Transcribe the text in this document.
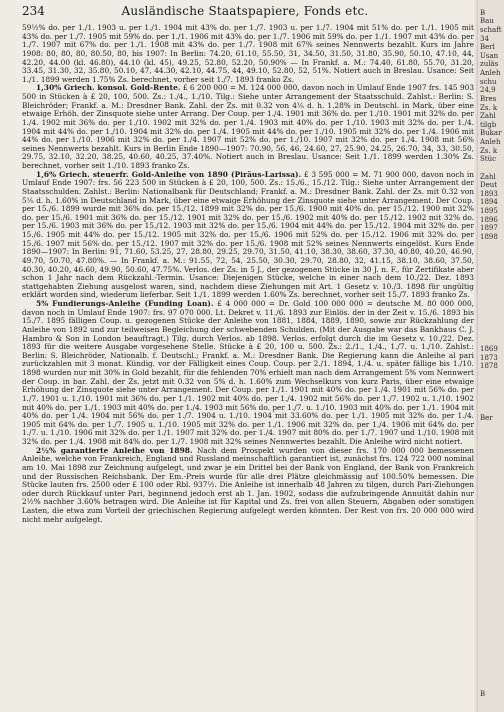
234	Ausländische Staatspapiere, Fonds etc.

59½% do. per 1./1. 1903 u. per 1./1. 1904 mit 43% do. per 1./7. 1903 u. per 1./7. 1904 mit 51% do. per 1./1. 1905 mit 43% do. per 1./7. 1905 mit 59% do. per 1./1. 1906 mit 43% do. per 1./7. 1906 mit 59% do. per 1./1. 1907 mit 43% do. per 1./7. 1907 mit 67% do. per 1./1. 1908 mit 43% do. per 1./7. 1908 mit 67% seines Nennwerts bezahlt. Kurs im Jahre 1908: 80, 80, 80, 80.50, 80, bis 1907: In Berlin: 74.20, 61.10, 55.50, 31, 34.50, 31.50, 31.80, 35.90, 50.10, 47.10, 44, 42.20, 44.00 (kl. 46.80), 44.10 (kl. 45), 49.25, 52.80, 52.20, 50.90% — In Frankf. a. M.: 74.40, 61.80, 55.70, 31.20, 33.45, 31.30, 32, 35.80, 50.10, 47, 44.30, 42.10, 44.75, 44, 49.10, 52.80, 52, 51%. Notiert auch in Breslau. Usance: Seit 1./1. 1899 werden 1.75% Zs. berechnet, vorher seit 1./7. 1893 franko Zs.

1,30% Griech. konsol. Gold-Rente. £ 6 200 000 = M. 124 000 000, davon noch in Umlauf Ende 1907 frs. 145 903 500 in Stücken à £ 20, 100, 500. Zs.: 1./4., 1./10. Tilg.: Siehe unter Arrangement der Staatsschuld. Zahlst.: Berlin: S. Bleichröder; Frankf. a. M.: Dresdner Bank. Zahl. der Zs. mit 0.32 von 4⅕ d. h. 1.28% in Deutschl. in Mark, über eine etwaige Erhöh. der Zinsquote siehe unter Arrang. Der Coup. per 1./4. 1901 mit 36% do. per 1./10. 1901 mit 32% do. per 1./4. 1902 mit 36% do. per 1./10. 1902 mit 32% do. per 1./4. 1903 mit 40% do. per 1./10. 1903 mit 32% do. per 1./4. 1904 mit 44% do. per 1./10. 1904 mit 32% do. per 1./4. 1905 mit 44% do. per 1./10. 1905 mit 32% do. per 1./4. 1906 mit 44% do. per 1./10. 1906 mit 32% do. per 1./4. 1907 mit 52% do. per 1./10. 1907 mit 32% do. per 1./4. 1908 mit 56% seines Nennwerts bezahlt. Kurs in Berlin Ende 1890—1907: 70.90, 56, 46, 24.60, 27, 25.90, 24.25, 26.70, 34, 33, 30.50, 29.75, 32.10, 32.20, 38.25, 40.60, 40.25, 37.40%. Notiert auch in Breslau. Usance: Seit 1./1. 1899 werden 1.30% Zs. berechnet, vorher seit 1./10. 1893 franko Zs.

1,6% Griech. steuerfr. Gold-Anleihe von 1890 (Piräus-Larissa). £ 3 595 000 = M. 71 900 000, davon noch in Umlauf Ende 1907: frs. 56 223 500 in Stücken à £ 20, 100, 500. Zs.: 15./6., 15./12. Tilg.: Siehe unter Arrangement der Staatsschulden. Zahlst.: Berlin: Nationalbank für Deutschland; Frankf. a. M.: Dresdner Bank. Zahl. der Zs. mit 0.32 von 5⅕ d. h. 1.60% in Deutschland in Mark, über eine etwaige Erhöhung der Zinsquote siehe unter Arrangement. Der Coup. per 15./6. 1899 wurde mit 36% do. per 15./12. 1899 mit 32% do. per 15./6. 1900 mit 40% do. per 15./12. 1900 mit 32% do. per 15./6. 1901 mit 36% do. per 15./12. 1901 mit 32% do. per 15./6. 1902 mit 40% do. per 15./12. 1902 mit 32% do. per 15./6. 1903 mit 36% do. per 15./12. 1903 mit 32% do. per 15./6. 1904 mit 44% do. per 15./12. 1904 mit 32% do. per 15./6. 1905 mit 44% do. per 15./12. 1905 mit 32% do. per 15./6. 1906 mit 52% do. per 15./12. 1906 mit 32% do. per 15./6. 1907 mit 56% do. per 15./12. 1907 mit 32% do. per 15./6. 1908 mit 52% seines Nennwerts eingelöst. Kurs Ende 1890—1907: In Berlin: 91, 71.60, 53.25, 27, 28.80, 29.25, 29.70, 31.50, 41.10, 38.30, 38.60, 37.30, 40.80, 40.20, 46.90, 49.70, 50.70, 47.80%. — In Frankf. a. M.: 91.55, 72, 54, 25.50, 30.30, 29.70, 28.80, 32, 41.15, 38.10, 38.60, 37.50, 40.30, 40.20, 46.60, 49.90, 50.60, 47.75%. Verlos. der Zs. in 5 J., der gezogenen Stücke in 30 J. n. F., für Zertifikate aber schon 1 Jahr nach dem Rückzahl.-Termin. Usance: Diejenigen Stücke, welche in einer nach dem 10./22. Dez. 1893 stattgehabten Ziehung ausgelost waren, sind, nachdem diese Ziehungen mit Art. 1 Gesetz v. 10./3. 1898 für ungültig erklärt worden sind, wiederum lieferbar. Seit 1./1. 1899 werden 1.60% Zs. berechnet, vorher seit 15./7. 1893 franko Zs.

5% Fundierungs-Anleihe (Funding Loan). £ 4 000 000 = Dr. Gold 100 000 000 = deutsche M. 80 000 000, davon noch in Umlauf Ende 1907: frs. 97 070 000. Lt. Dekret v. 11./6. 1893 zur Einlös. der in der Zeit v. 15./6. 1893 bis 15./7. 1895 fälligen Coup. u. gezogenen Stücke der Anleihe von 1881, 1884, 1889, 1890, sowie zur Rückzahlung der Anleihe von 1892 und zur teilweisen Begleichung der schwebenden Schulden. (Mit der Ausgabe war das Bankhaus C. J. Hambro & Son in London beauftragt.) Tilg. durch Verlos. ab 1898. Verlos. erfolgt durch die im Gesetz v. 10./22. Dez. 1893 für die weitere Ausgabe vorgesehene Stelle. Stücke à £ 20, 100 u. 500. Zs.: 2./1., 1./4., 1./7. u. 1./10. Zahlst.: Berlin: S. Bleichröder, Nationalb. f. Deutschl.; Frankf. a. M.: Dresdner Bank. Die Regierung kann die Anleihe al pari zurückzahlen mit 3 monat. Kündig. vor der Fälligkeit eines Coup. Coup. per 2./1. 1894, 1./4. u. später fällige bis 1./10. 1898 wurden nur mit 30% in Gold bezahlt, für die fehlenden 70% erhielt man nach dem Arrangement 5% vom Nennwert der Coup. in bar. Zahl. der Zs. jetzt mit 0.32 von 5% d. h. 1.60% zum Wechselkurs von kurz Paris, über eine etwaige Erhöhung der Zinsquote siehe unter Arrangement. Der Coup. per 1./1. 1901 mit 40% do. per 1./4. 1901 mit 56% do. per 1./7. 1901 u. 1./10. 1901 mit 36% do. per 1./1. 1902 mit 40% do. per 1./4. 1902 mit 56% do. per 1./7. 1902 u. 1./10. 1902 mit 40% do. per 1./1. 1903 mit 40% do. per 1./4. 1903 mit 56% do. per 1./7. u. 1./10. 1903 mit 40% do. per 1./1. 1904 mit 40% do. per 1./4. 1904 mit 56% do. per 1./7. 1904 u. 1./10. 1904 mit 33.60% do. per 1./1. 1905 mit 32% do. per 1./4. 1905 mit 64% do. per 1./7. 1905 u. 1./10. 1905 mit 32% do. per 1./1. 1906 mit 32% do. per 1./4. 1906 mit 64% do. per 1./7. u. 1./10. 1906 mit 32% do. per 1./1. 1907 mit 32% do. per 1./4. 1907 mit 80% do. per 1./7. 1907 und 1./10. 1908 mit 32% do. per 1./4. 1908 mit 84% do. per 1./7. 1908 mit 32% seines Nennwertes bezahlt. Die Anleihe wird nicht notiert.

2½% garantierte Anleihe von 1898. Nach dem Prospekt wurden von dieser frs. 170 000 000 bemessenen Anleihe, welche von Frankreich, England und Russland meinschaftlich garantiert ist, zunächst frs. 124 722 000 nominal am 10. Mai 1898 zur Zeichnung aufgelegt, und zwar je ein Drittel bei der Bank von England, der Bank von Frankreich und der Russischen Reichsbank. Der Em.-Preis wurde für alle drei Plätze gleichmässig auf 100.50% bemessen. Die Stücke lauten frs. 2500 oder £ 100 oder Rbl. 937½. Die Anleihe ist innerhalb 48 Jahren zu tilgen, durch Pari-Ziehungen oder durch Rückkauf unter Pari, beginnend jedoch erst ab 1. Jan. 1902, sodass die aufzubringende Annuität dahin nur 2½% nachher 3.60% betragen wird. Die Anleihe ist für Kapital und Zs. frei von allen Steuern, Abgaben oder sonstigen Lasten, die etwa zum Vorteil der griechischen Regierung aufgelegt werden könnten. Der Rest von frs. 20 000 000 wird nicht mehr aufgelegt.

B
Bau
schaft
34
Berl
Usan
zuläs
Anleh
schu
24,9
Bres
Zs. k
Zahl
tilgb
Bukar
Anleh
Zs. k
Stüc

Zahl
Deut
1893
1894
1895
1896
1897
1898

1869
1873
1878

Ber

B
